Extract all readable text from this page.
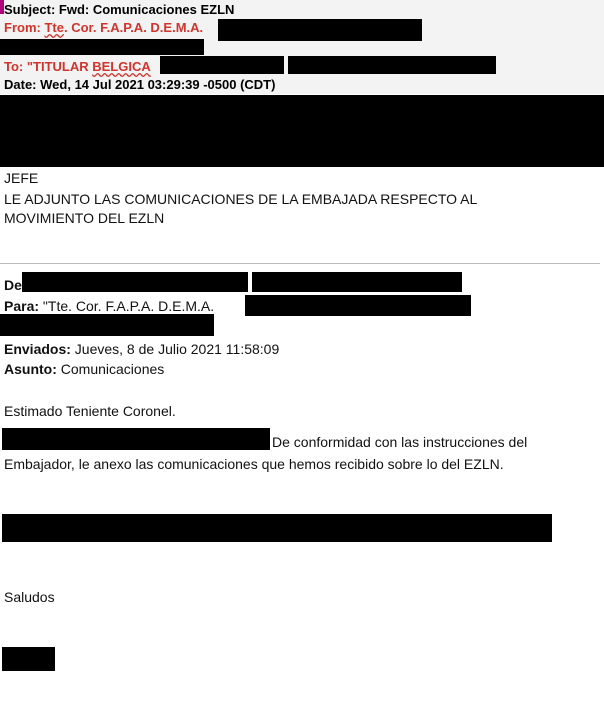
Subject: Fwd: Comunicaciones EZLN
From: Tte. Cor. F.A.P.A. D.E.M.A.
To: "TITULAR BELGICA
Date: Wed, 14 Jul 2021 03:29:39 -0500 (CDT)
JEFE
LE ADJUNTO LAS COMUNICACIONES DE LA EMBAJADA RESPECTO AL
MOVIMIENTO DEL EZLN
De
Para: "Tte. Cor. F.A.P.A. D.E.M.A.
Enviados: Jueves, 8 de Julio 2021 11:58:09
Asunto: Comunicaciones
Estimado Teniente Coronel.
De conformidad con las instrucciones del
Embajador, le anexo las comunicaciones que hemos recibido sobre lo del EZLN.
Saludos
